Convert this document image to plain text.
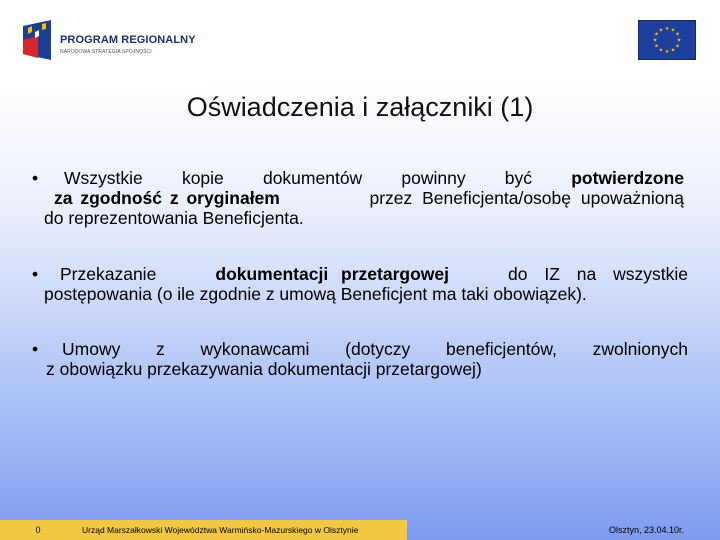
PROGRAM REGIONALNY
NARODOWA STRATEGIA SPÓJNOŚCI
★ ★
★
★
★
★
★
★
★
★
★
★
Oświadczenia i załączniki (1)
• Wszystkie kopie dokumentów powinny być potwierdzone
za zgodność z oryginałem	przez Beneficjenta/osobę upoważnioną
do reprezentowania Beneficjenta.
• Przekazanie	dokumentacji przetargowej	do IZ na wszystkie
postępowania (o ile zgodnie z umową Beneficjent ma taki obowiązek).
• Umowy z wykonawcami (dotyczy beneficjentów, zwolnionych
z obowiązku przekazywania dokumentacji przetargowej)
0	Urząd Marszałkowski Województwa Warmińsko-Mazurskiego w Olsztynie	Olsztyn, 23.04.10r.
